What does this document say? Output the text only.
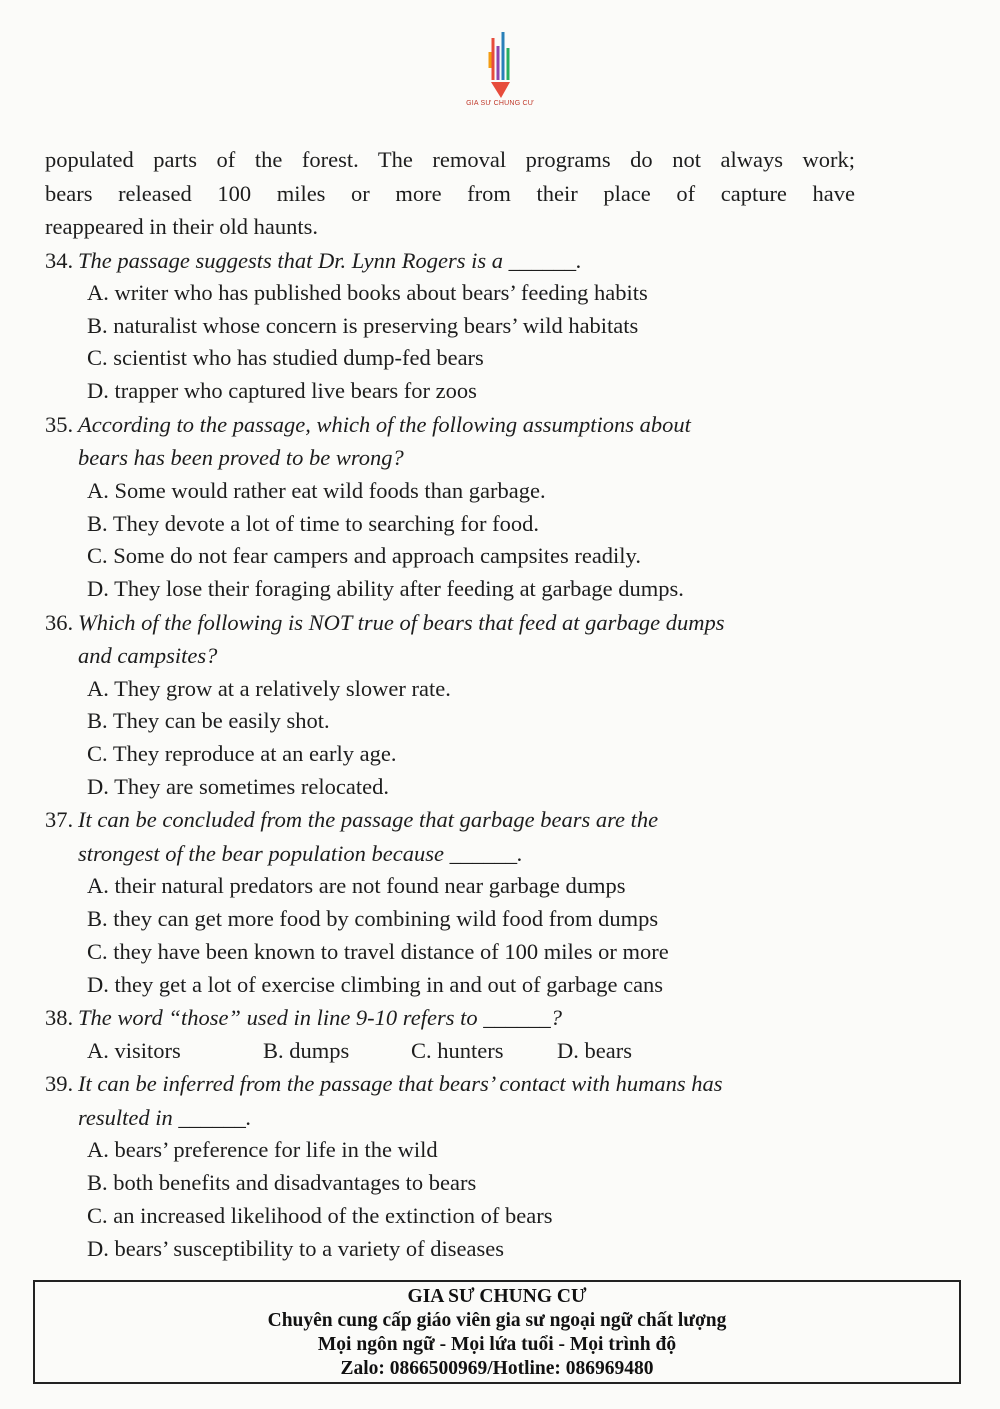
GIA SƯ CHUNG CƯ

populated parts of the forest. The removal programs do not always work;
bears released 100 miles or more from their place of capture have
reappeared in their old haunts.

34. The passage suggests that Dr. Lynn Rogers is a ______.
A. writer who has published books about bears’ feeding habits
B. naturalist whose concern is preserving bears’ wild habitats
C. scientist who has studied dump-fed bears
D. trapper who captured live bears for zoos
35. According to the passage, which of the following assumptions about
bears has been proved to be wrong?
A. Some would rather eat wild foods than garbage.
B. They devote a lot of time to searching for food.
C. Some do not fear campers and approach campsites readily.
D. They lose their foraging ability after feeding at garbage dumps.
36. Which of the following is NOT true of bears that feed at garbage dumps
and campsites?
A. They grow at a relatively slower rate.
B. They can be easily shot.
C. They reproduce at an early age.
D. They are sometimes relocated.
37. It can be concluded from the passage that garbage bears are the
strongest of the bear population because ______.
A. their natural predators are not found near garbage dumps
B. they can get more food by combining wild food from dumps
C. they have been known to travel distance of 100 miles or more
D. they get a lot of exercise climbing in and out of garbage cans
38. The word “those” used in line 9-10 refers to ______?
A. visitors	B. dumps	C. hunters	D. bears
39. It can be inferred from the passage that bears’ contact with humans has
resulted in ______.
A. bears’ preference for life in the wild
B. both benefits and disadvantages to bears
C. an increased likelihood of the extinction of bears
D. bears’ susceptibility to a variety of diseases
GIA SƯ CHUNG CƯ
Chuyên cung cấp giáo viên gia sư ngoại ngữ chất lượng
Mọi ngôn ngữ - Mọi lứa tuổi - Mọi trình độ
Zalo: 0866500969/Hotline: 086969480
